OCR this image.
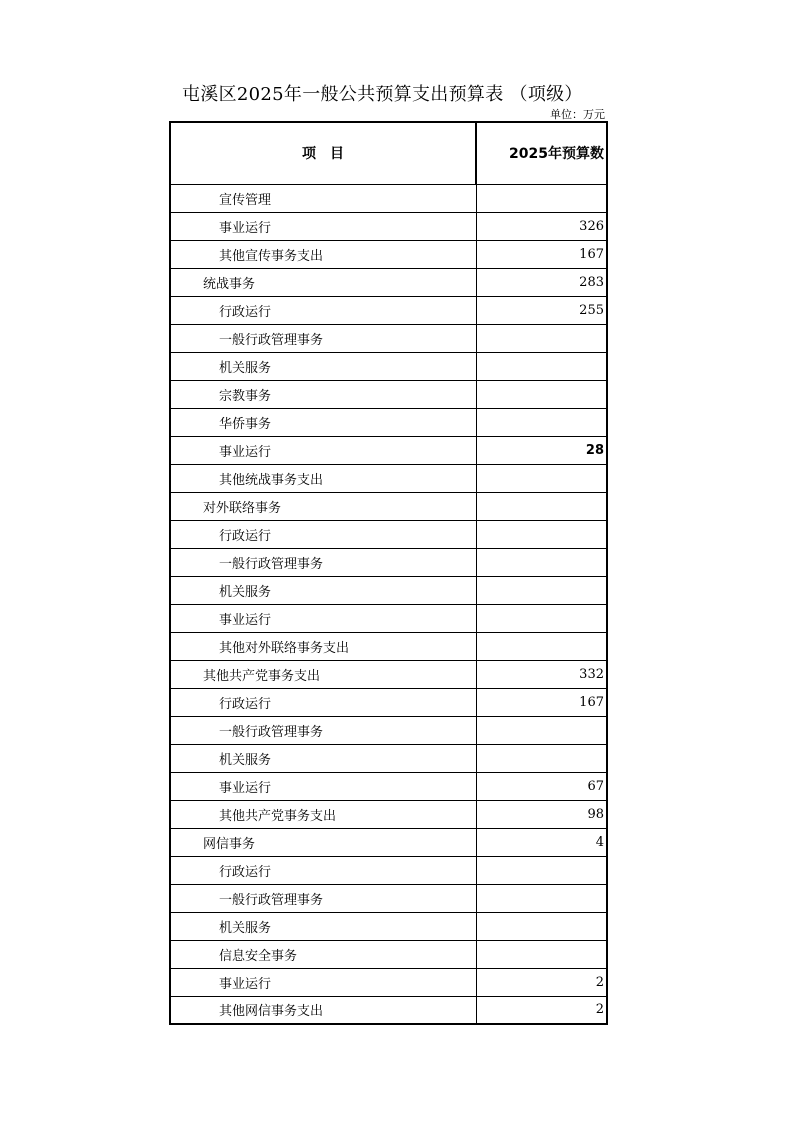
屯溪区2025年一般公共预算支出预算表 （项级）
单位：万元
项　目	2025年预算数
宣传管理	
事业运行	326
其他宣传事务支出	167
统战事务	283
行政运行	255
一般行政管理事务	
机关服务	
宗教事务	
华侨事务	
事业运行	28
其他统战事务支出	
对外联络事务	
行政运行	
一般行政管理事务	
机关服务	
事业运行	
其他对外联络事务支出	
其他共产党事务支出	332
行政运行	167
一般行政管理事务	
机关服务	
事业运行	67
其他共产党事务支出	98
网信事务	4
行政运行	
一般行政管理事务	
机关服务	
信息安全事务	
事业运行	2
其他网信事务支出	2
